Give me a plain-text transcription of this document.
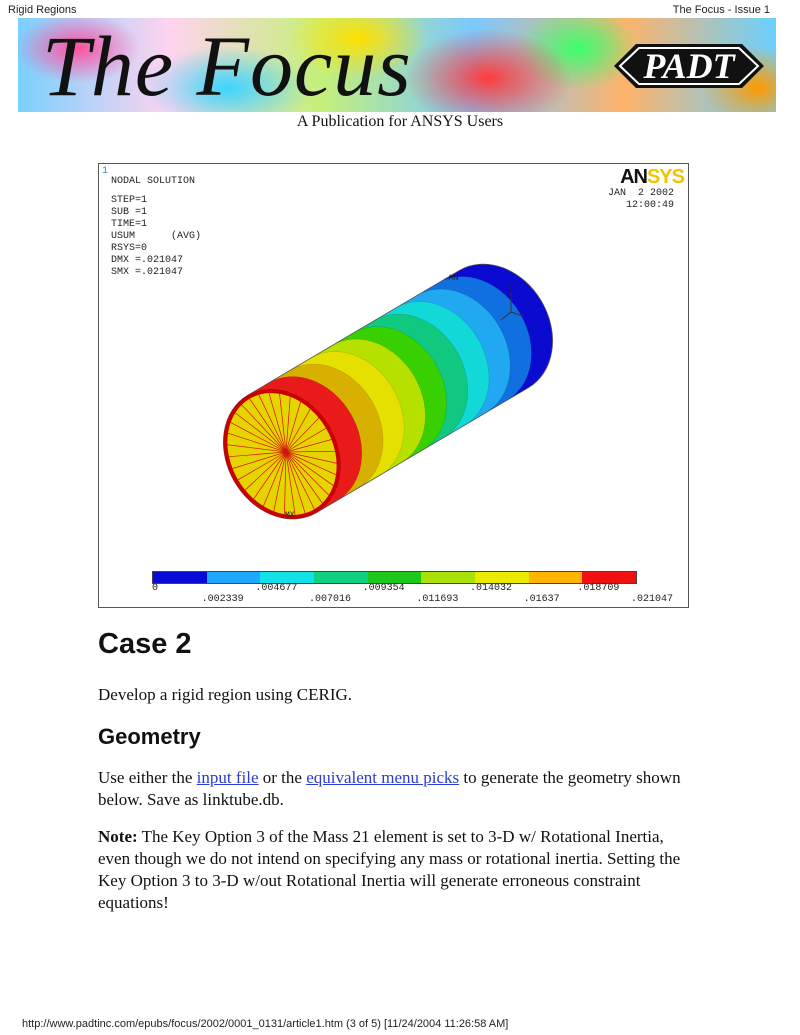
Rigid Regions	The Focus - Issue 1
The Focus	PADT
A Publication for ANSYS Users
1
NODAL SOLUTION
STEP=1
SUB =1
TIME=1
USUM      (AVG)
RSYS=0
DMX =.021047
SMX =.021047
ANSYS
JAN  2 2002
12:00:49
MN
MX
Y
0	.004677	.009354	.014032	.018709
.002339	.007016	.011693	.01637	.021047
Case 2

Develop a rigid region using CERIG.

Geometry

Use either the input file or the equivalent menu picks to generate the geometry shown below. Save as linktube.db.

Note: The Key Option 3 of the Mass 21 element is set to 3-D w/ Rotational Inertia, even though we do not intend on specifying any mass or rotational inertia. Setting the Key Option 3 to 3-D w/out Rotational Inertia will generate erroneous constraint equations!

http://www.padtinc.com/epubs/focus/2002/0001_0131/article1.htm (3 of 5) [11/24/2004 11:26:58 AM]
